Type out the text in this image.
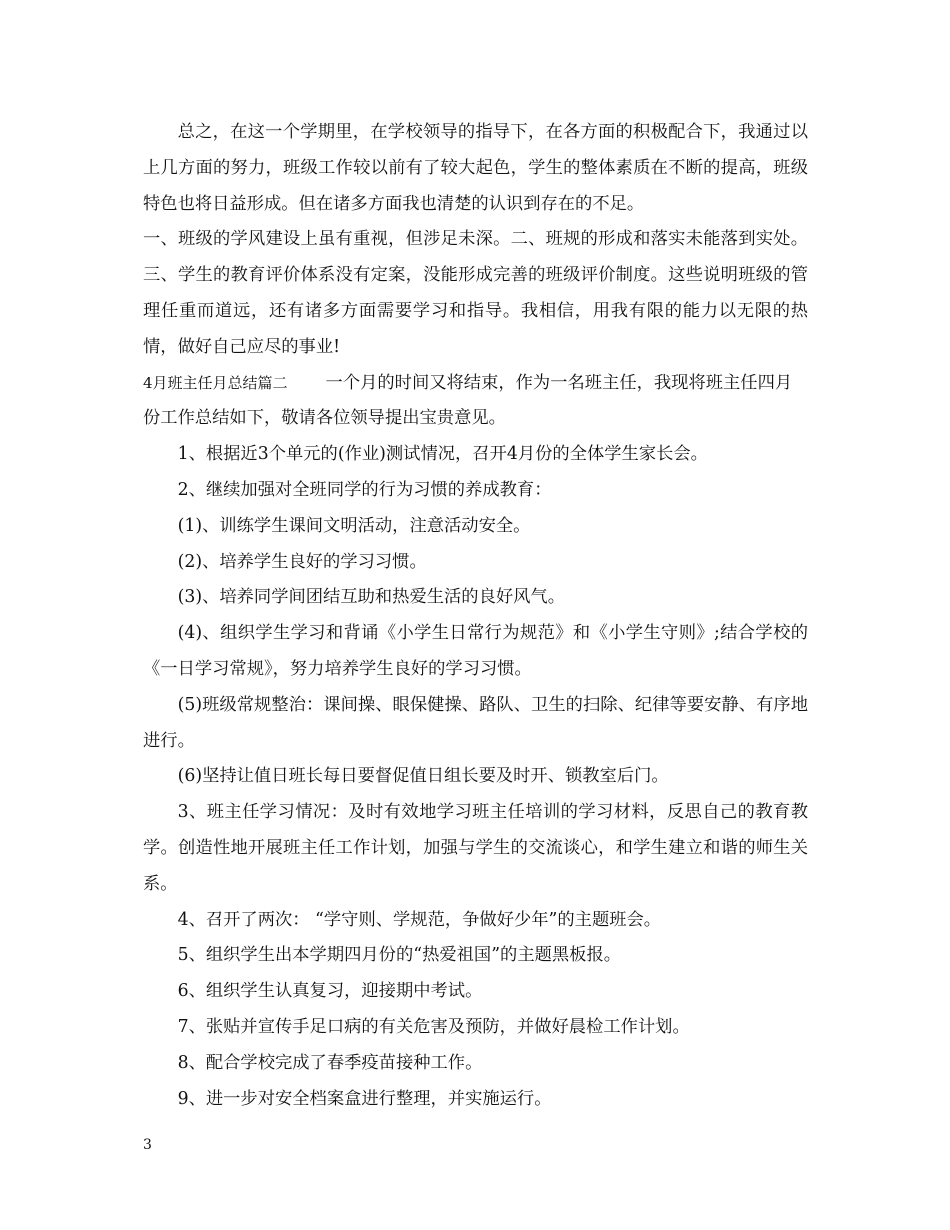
总之，在这一个学期里，在学校领导的指导下，在各方面的积极配合下，我通过以上几方面的努力，班级工作较以前有了较大起色，学生的整体素质在不断的提高，班级特色也将日益形成。但在诸多方面我也清楚的认识到存在的不足。

一、班级的学风建设上虽有重视，但涉足未深。二、班规的形成和落实未能落到实处。三、学生的教育评价体系没有定案，没能形成完善的班级评价制度。这些说明班级的管理任重而道远，还有诸多方面需要学习和指导。我相信，用我有限的能力以无限的热情，做好自己应尽的事业!

4月班主任月总结篇二 一个月的时间又将结束，作为一名班主任，我现将班主任四月份工作总结如下，敬请各位领导提出宝贵意见。

1、根据近3个单元的(作业)测试情况，召开4月份的全体学生家长会。

2、继续加强对全班同学的行为习惯的养成教育：

(1)、训练学生课间文明活动，注意活动安全。

(2)、培养学生良好的学习习惯。

(3)、培养同学间团结互助和热爱生活的良好风气。

(4)、组织学生学习和背诵《小学生日常行为规范》和《小学生守则》;结合学校的《一日学习常规》，努力培养学生良好的学习习惯。

(5)班级常规整治：课间操、眼保健操、路队、卫生的扫除、纪律等要安静、有序地进行。

(6)坚持让值日班长每日要督促值日组长要及时开、锁教室后门。

3、班主任学习情况：及时有效地学习班主任培训的学习材料，反思自己的教育教学。创造性地开展班主任工作计划，加强与学生的交流谈心，和学生建立和谐的师生关系。

4、召开了两次： “学守则、学规范，争做好少年”的主题班会。

5、组织学生出本学期四月份的“热爱祖国”的主题黑板报。

6、组织学生认真复习，迎接期中考试。

7、张贴并宣传手足口病的有关危害及预防，并做好晨检工作计划。

8、配合学校完成了春季疫苗接种工作。

9、进一步对安全档案盒进行整理，并实施运行。

3
